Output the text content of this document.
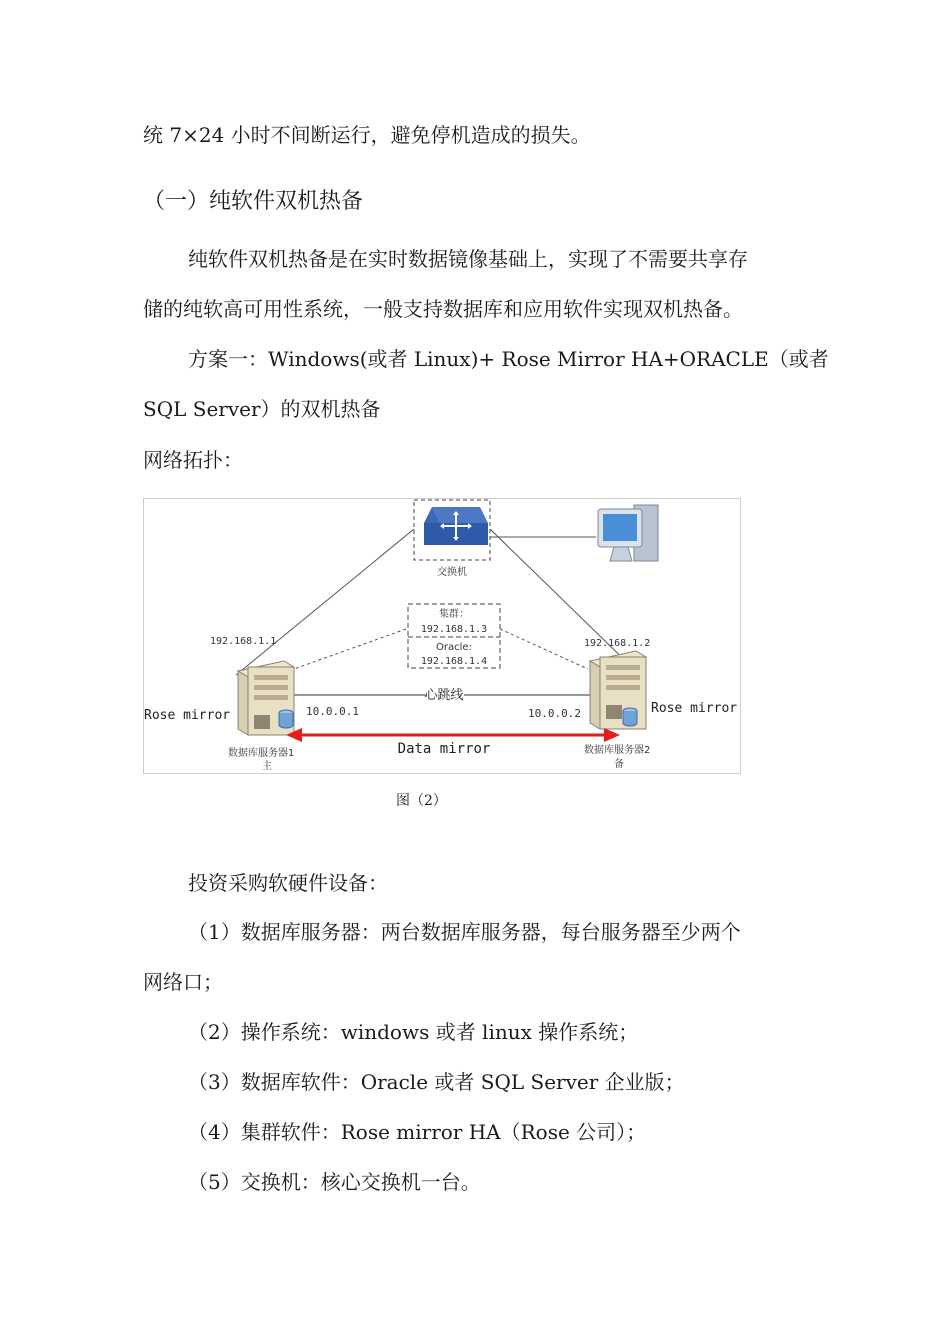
统 7×24 小时不间断运行，避免停机造成的损失。
（一）纯软件双机热备
纯软件双机热备是在实时数据镜像基础上，实现了不需要共享存
储的纯软高可用性系统，一般支持数据库和应用软件实现双机热备。
方案一：Windows(或者 Linux)+ Rose Mirror HA+ORACLE（或者
SQL Server）的双机热备
网络拓扑：
交换机
集群：
192.168.1.3
Oracle:
192.168.1.4
192.168.1.1	192.168.1.2
心跳线
10.0.0.1	10.0.0.2
Rose mirror	Rose mirror
Data mirror
数据库服务器1
主
数据库服务器2
备
图（2）
投资采购软硬件设备：
（1）数据库服务器：两台数据库服务器，每台服务器至少两个
网络口；
（2）操作系统：windows 或者 linux 操作系统；
（3）数据库软件：Oracle 或者 SQL Server 企业版；
（4）集群软件：Rose mirror HA（Rose 公司）；
（5）交换机：核心交换机一台。
